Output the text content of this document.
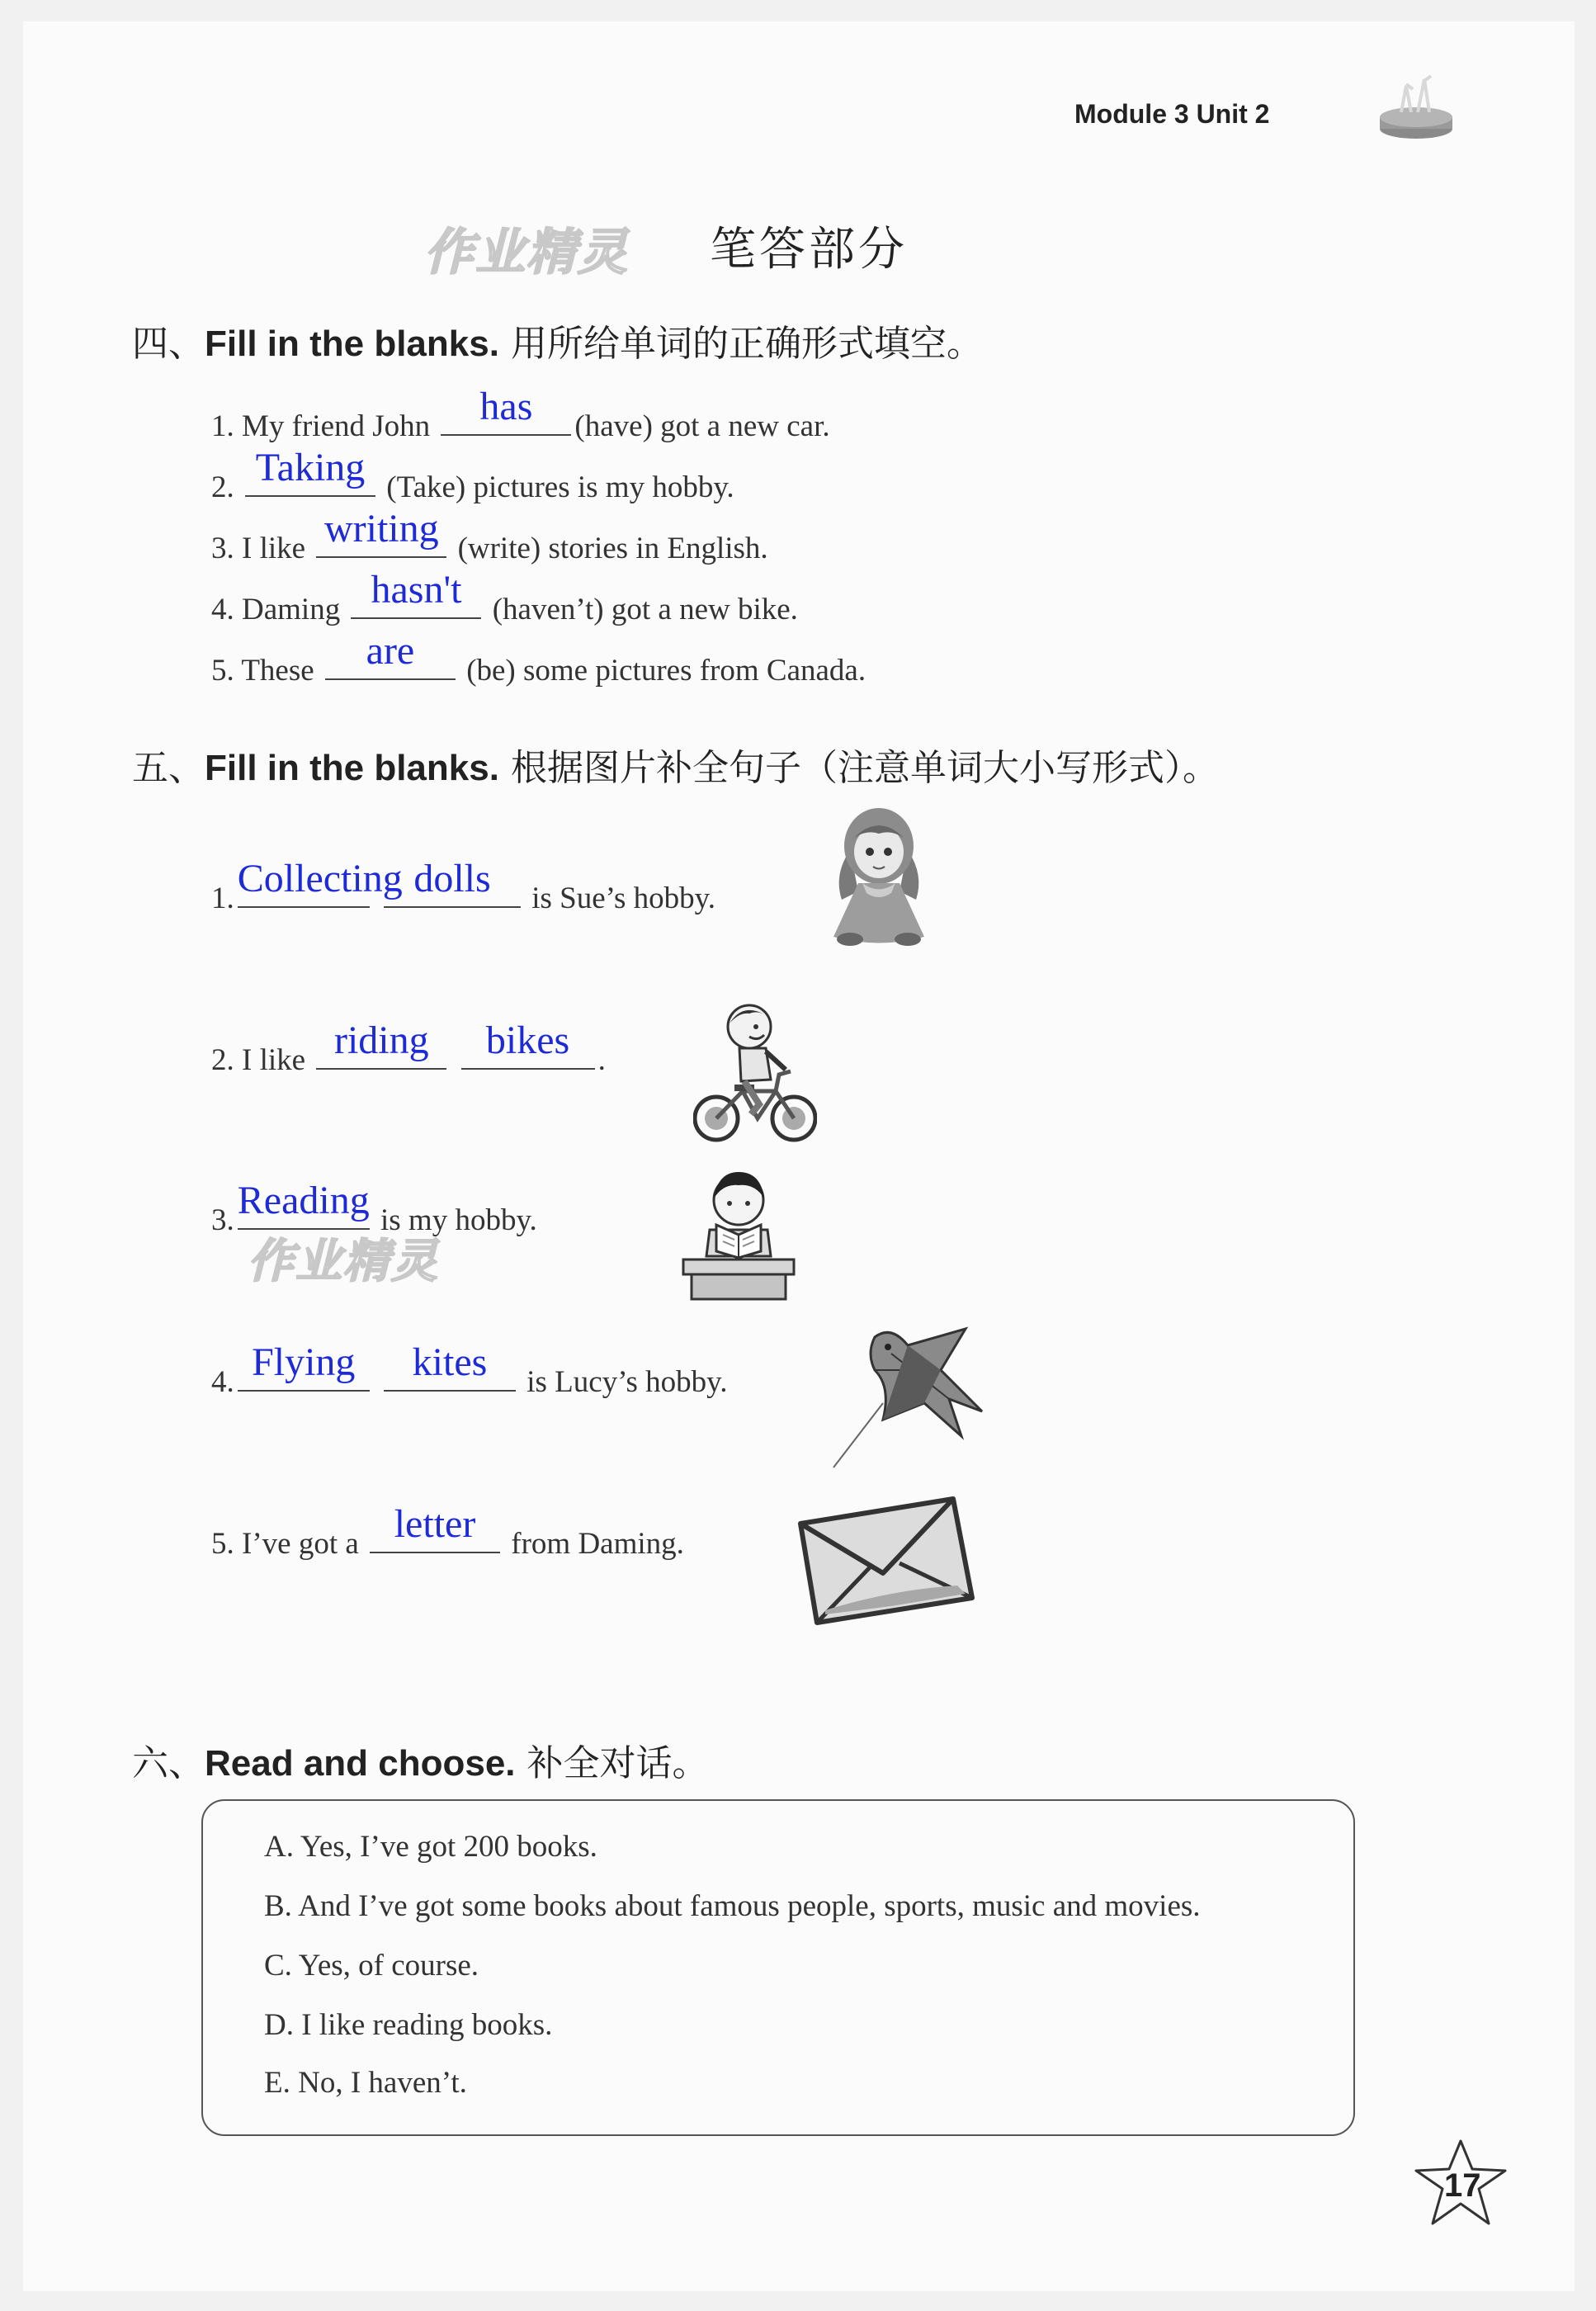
Module 3 Unit 2
作业精灵 笔答部分
四、Fill in the blanks. 用所给单词的正确形式填空。
1. My friend John	has	(have) got a new car.
2. Taking (Take) pictures is my hobby.
3. I like writing (write) stories in English.
4. Daming hasn't	(haven’t) got a new bike.
5. These	are	(be) some pictures from Canada.
五、Fill in the blanks. 根据图片补全句子（注意单词大小写形式）。
1. Collecting
dolls	is Sue’s hobby.
2. I like riding
	bikes .
3. Reading is my hobby.
作业精灵
4. Flying
	kites	is Lucy’s hobby.
5. I’ve got a letter	from Daming.
六、Read and choose. 补全对话。
A. Yes, I’ve got 200 books.
B. And I’ve got some books about famous people, sports, music and movies.
C. Yes, of course.
D. I like reading books.
E. No, I haven’t.
17
